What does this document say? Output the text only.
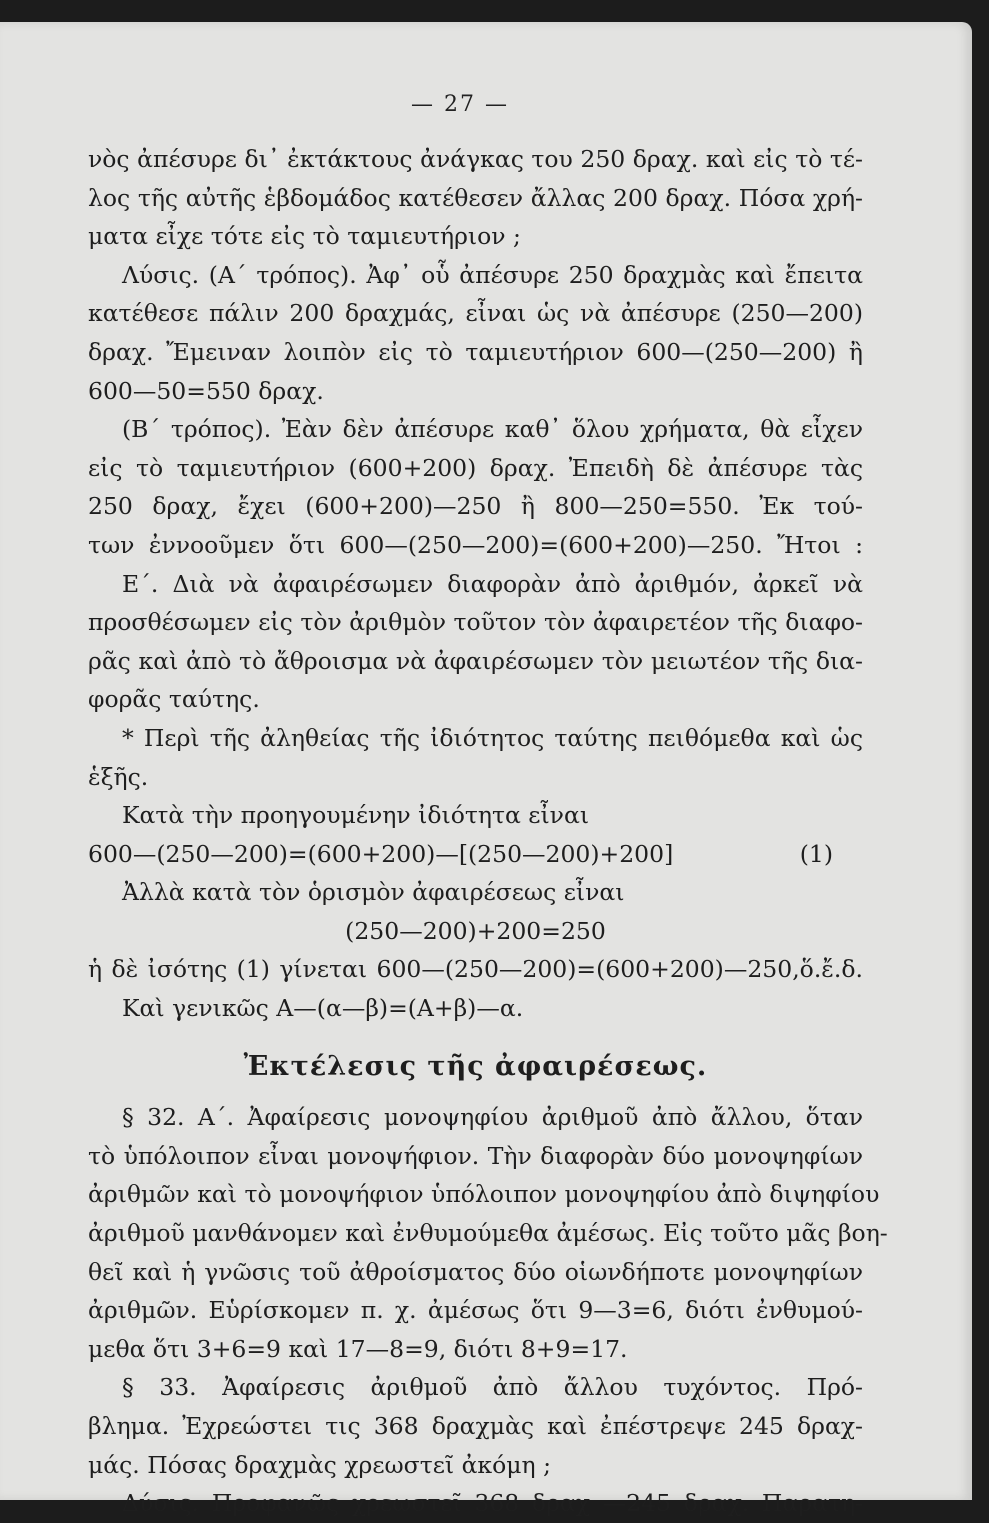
— 27 —
νὸς ἀπέσυρε δι᾿ ἐκτάκτους ἀνάγκας του 250 δραχ. καὶ εἰς τὸ τέ-
λος τῆς αὐτῆς ἑβδομάδος κατέθεσεν ἄλλας 200 δραχ. Πόσα χρή-
ματα εἶχε τότε εἰς τὸ ταμιευτήριον ;
Λύσις. (Α΄ τρόπος). Ἀφ᾿ οὗ ἀπέσυρε 250 δραχμὰς καὶ ἔπειτα
κατέθεσε πάλιν 200 δραχμάς, εἶναι ὡς νὰ ἀπέσυρε (250—200)
δραχ. Ἔμειναν λοιπὸν εἰς τὸ ταμιευτήριον 600—(250—200) ἢ
600—50=550 δραχ.
(Β΄ τρόπος). Ἐὰν δὲν ἀπέσυρε καθ᾿ ὅλου χρήματα, θὰ εἶχεν
εἰς τὸ ταμιευτήριον (600+200) δραχ. Ἐπειδὴ δὲ ἀπέσυρε τὰς
250 δραχ, ἔχει (600+200)—250 ἢ 800—250=550. Ἐκ τού-
των ἐννοοῦμεν ὅτι 600—(250—200)=(600+200)—250. Ἤτοι :
Ε΄. Διὰ νὰ ἀφαιρέσωμεν διαφορὰν ἀπὸ ἀριθμόν, ἀρκεῖ νὰ
προσθέσωμεν εἰς τὸν ἀριθμὸν τοῦτον τὸν ἀφαιρετέον τῆς διαφο-
ρᾶς καὶ ἀπὸ τὸ ἄθροισμα νὰ ἀφαιρέσωμεν τὸν μειωτέον τῆς δια-
φορᾶς ταύτης.
* Περὶ τῆς ἀληθείας τῆς ἰδιότητος ταύτης πειθόμεθα καὶ ὡς
ἑξῆς.
Κατὰ τὴν προηγουμένην ἰδιότητα εἶναι
600—(250—200)=(600+200)—[(250—200)+200]	(1)
Ἀλλὰ κατὰ τὸν ὁρισμὸν ἀφαιρέσεως εἶναι
(250—200)+200=250
ἡ δὲ ἰσότης (1) γίνεται 600—(250—200)=(600+200)—250,ὅ.ἔ.δ.
Καὶ γενικῶς Α—(α—β)=(Α+β)—α.
Ἐκτέλεσις τῆς ἀφαιρέσεως.
§ 32. Α΄. Ἀφαίρεσις μονοψηφίου ἀριθμοῦ ἀπὸ ἄλλου, ὅταν
τὸ ὑπόλοιπον εἶναι μονοψήφιον. Τὴν διαφορὰν δύο μονοψηφίων
ἀριθμῶν καὶ τὸ μονοψήφιον ὑπόλοιπον μονοψηφίου ἀπὸ διψηφίου
ἀριθμοῦ μανθάνομεν καὶ ἐνθυμούμεθα ἀμέσως. Εἰς τοῦτο μᾶς βοη-
θεῖ καὶ ἡ γνῶσις τοῦ ἀθροίσματος δύο οἱωνδήποτε μονοψηφίων
ἀριθμῶν. Εὑρίσκομεν π. χ. ἀμέσως ὅτι 9—3=6, διότι ἐνθυμού-
μεθα ὅτι 3+6=9 καὶ 17—8=9, διότι 8+9=17.
§ 33. Ἀφαίρεσις ἀριθμοῦ ἀπὸ ἄλλου τυχόντος. Πρό-
βλημα. Ἐχρεώστει τις 368 δραχμὰς καὶ ἐπέστρεψε 245 δραχ-
μάς. Πόσας δραχμὰς χρεωστεῖ ἀκόμη ;
Δύσις. Προφανῶς χρεωστεῖ 368 δραχ —245 δραχ. Παρατη-
